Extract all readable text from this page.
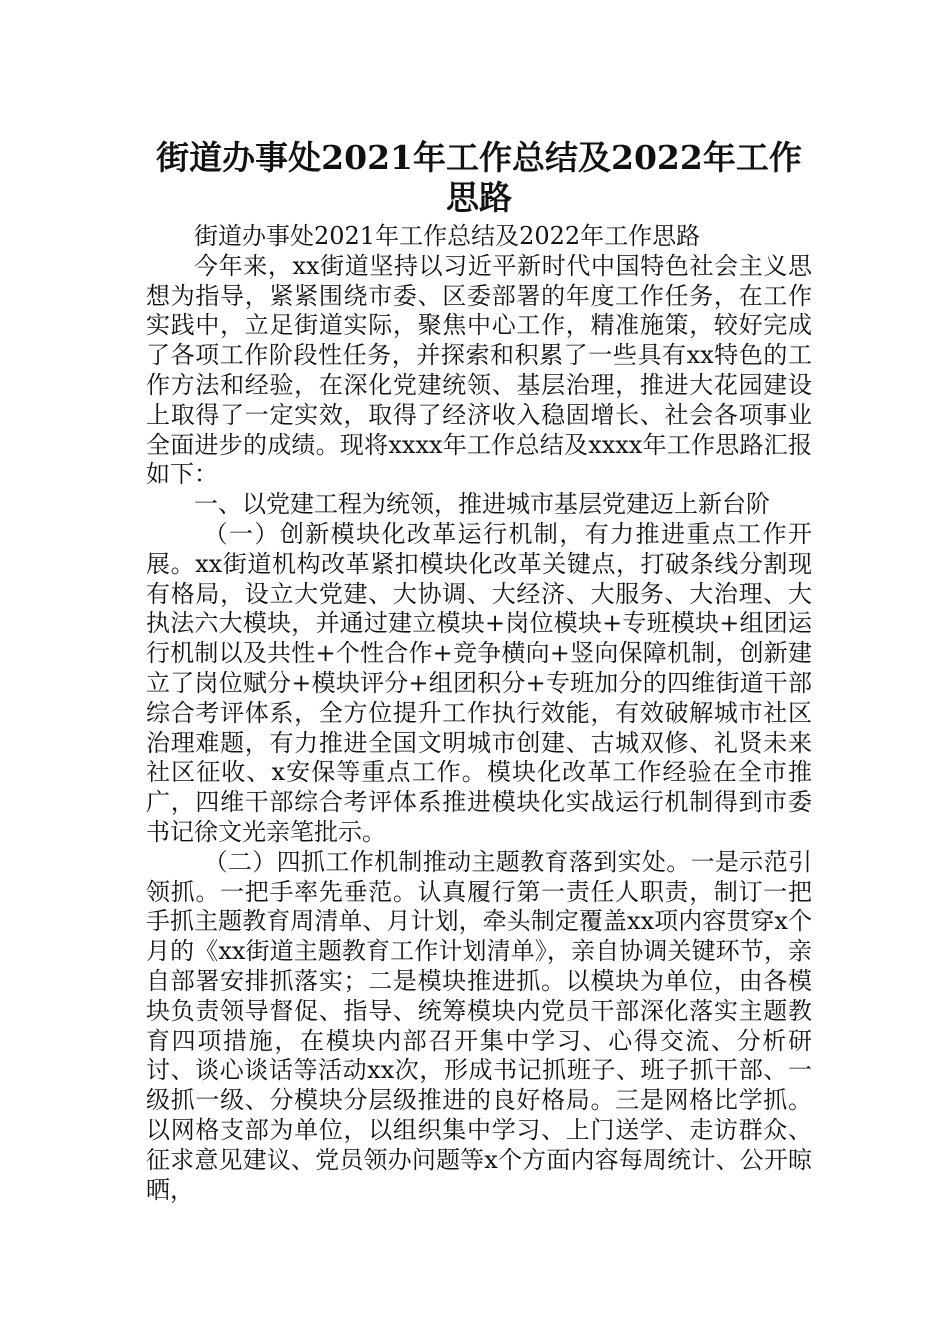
街道办事处2021年工作总结及2022年工作思路

街道办事处2021年工作总结及2022年工作思路

今年来，xx街道坚持以习近平新时代中国特色社会主义思想为指导，紧紧围绕市委、区委部署的年度工作任务，在工作实践中，立足街道实际，聚焦中心工作，精准施策，较好完成了各项工作阶段性任务，并探索和积累了一些具有xx特色的工作方法和经验，在深化党建统领、基层治理，推进大花园建设上取得了一定实效，取得了经济收入稳固增长、社会各项事业全面进步的成绩。现将xxxx年工作总结及xxxx年工作思路汇报如下：

一、以党建工程为统领，推进城市基层党建迈上新台阶

（一）创新模块化改革运行机制，有力推进重点工作开展。xx街道机构改革紧扣模块化改革关键点，打破条线分割现有格局，设立大党建、大协调、大经济、大服务、大治理、大执法六大模块，并通过建立模块+岗位模块+专班模块+组团运行机制以及共性+个性合作+竞争横向+竖向保障机制，创新建立了岗位赋分+模块评分+组团积分+专班加分的四维街道干部综合考评体系，全方位提升工作执行效能，有效破解城市社区治理难题，有力推进全国文明城市创建、古城双修、礼贤未来社区征收、x安保等重点工作。模块化改革工作经验在全市推广，四维干部综合考评体系推进模块化实战运行机制得到市委书记徐文光亲笔批示。

（二）四抓工作机制推动主题教育落到实处。一是示范引领抓。一把手率先垂范。认真履行第一责任人职责，制订一把手抓主题教育周清单、月计划，牵头制定覆盖xx项内容贯穿x个月的《xx街道主题教育工作计划清单》，亲自协调关键环节，亲自部署安排抓落实；二是模块推进抓。以模块为单位，由各模块负责领导督促、指导、统筹模块内党员干部深化落实主题教育四项措施，在模块内部召开集中学习、心得交流、分析研讨、谈心谈话等活动xx次，形成书记抓班子、班子抓干部、一级抓一级、分模块分层级推进的良好格局。三是网格比学抓。以网格支部为单位，以组织集中学习、上门送学、走访群众、征求意见建议、党员领办问题等x个方面内容每周统计、公开晾晒，
